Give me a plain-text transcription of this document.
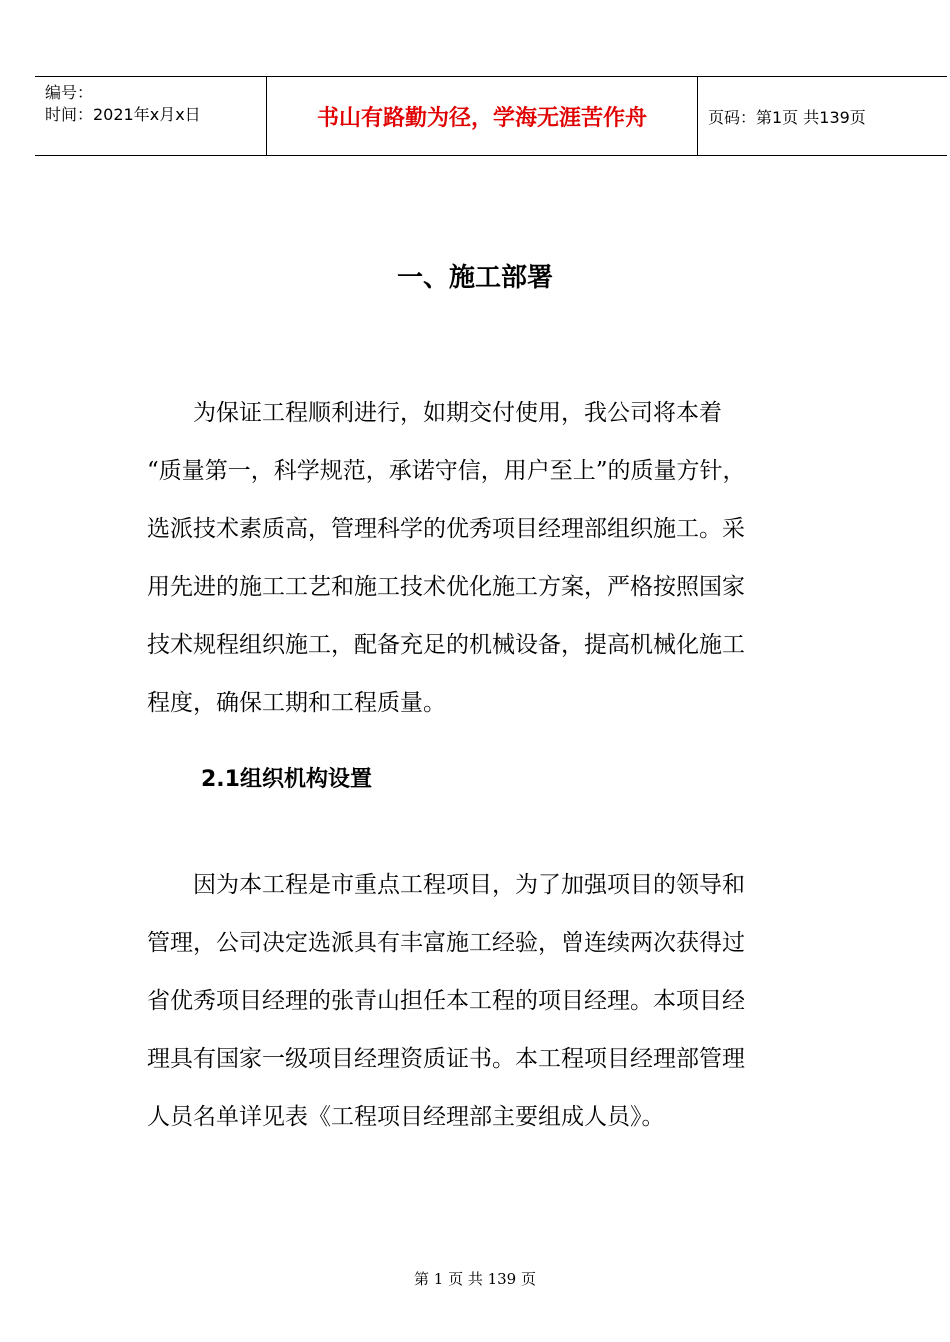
编号：
时间：2021年x月x日	书山有路勤为径，学海无涯苦作舟	页码：第1页 共139页
一、施工部署
　　为保证工程顺利进行，如期交付使用，我公司将本着
“质量第一，科学规范，承诺守信，用户至上”的质量方针，
选派技术素质高，管理科学的优秀项目经理部组织施工。采
用先进的施工工艺和施工技术优化施工方案，严格按照国家
技术规程组织施工，配备充足的机械设备，提高机械化施工
程度，确保工期和工程质量。
2.1组织机构设置
　　因为本工程是市重点工程项目，为了加强项目的领导和
管理，公司决定选派具有丰富施工经验，曾连续两次获得过
省优秀项目经理的张青山担任本工程的项目经理。本项目经
理具有国家一级项目经理资质证书。本工程项目经理部管理
人员名单详见表《工程项目经理部主要组成人员》。
第 1 页 共 139 页
